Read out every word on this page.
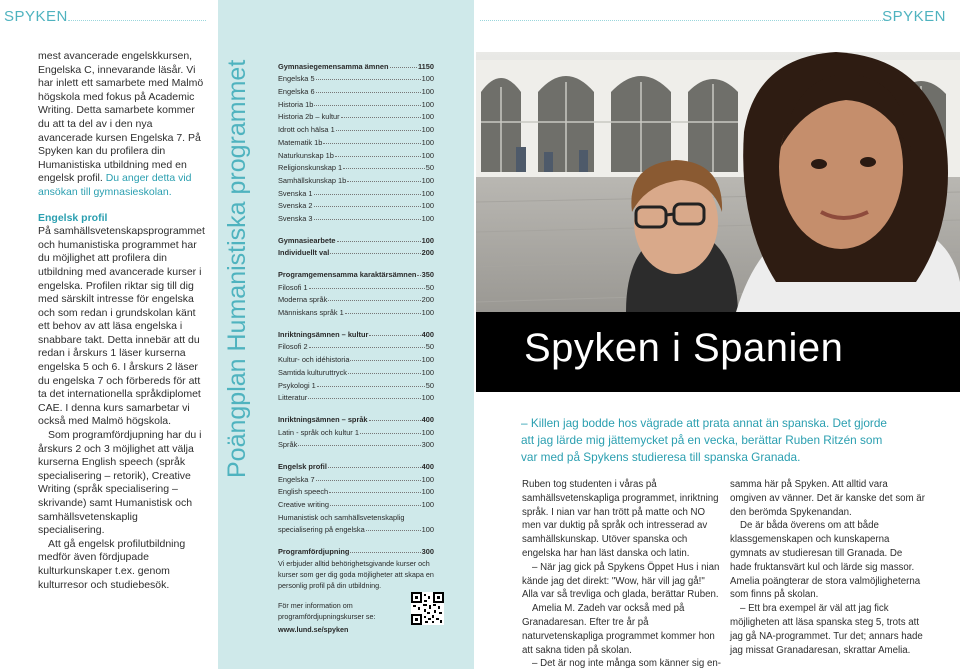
SPYKEN	SPYKEN

mest avancerade engelskkursen, Engelska C, innevarande läsår. Vi har inlett ett samarbete med Malmö högskola med fokus på Academic Writing. Detta samarbete kommer du att ta del av i den nya avancerade kursen Engelska 7. På Spyken kan du profilera din Humanistiska utbildning med en engelsk profil. Du anger detta vid ansökan till gymnasieskolan.

Engelsk profil

På samhällsvetenskapsprogrammet och humanistiska programmet har du möjlighet att profilera din utbildning med avancerade kurser i engelska. Profilen riktar sig till dig med särskilt intresse för engelska och som redan i grundskolan känt ett behov av att läsa engelska i snabbare takt. Detta innebär att du redan i årskurs 1 läser kurserna engelska 5 och 6. I årskurs 2 läser du engelska 7 och förbereds för att ta det internationella språkdiplomet CAE. I denna kurs samarbetar vi också med Malmö högskola.

Som programfördjupning har du i årskurs 2 och 3 möjlighet att välja kurserna English speech (språk specialisering – retorik), Creative Writing (språk specialisering – skrivande) samt Humanistisk och samhällsvetenskaplig specialisering.

Att gå engelsk profilutbildning medför även fördjupade kulturkunskaper t.ex. genom kulturresor och studiebesök.

Poängplan Humanistiska programmet	Gymnasiegemensamma ämnen	1150
Engelska 5	100
Engelska 6	100
Historia 1b	100
Historia 2b – kultur	100
Idrott och hälsa 1	100
Matematik 1b	100
Naturkunskap 1b	100
Religionskunskap 1	50
Samhällskunskap 1b	100
Svenska 1	100
Svenska 2	100
Svenska 3	100
Gymnasiearbete	100
Individuellt val	200
Programgemensamma karaktärsämnen 350
Filosofi 1	50
Moderna språk	200
Människans språk 1	100
Inriktningsämnen – kultur	400
Filosofi 2	50
Kultur- och idéhistoria	100
Samtida kulturuttryck	100
Psykologi 1	50
Litteratur	100
Inriktningsämnen – språk	400
Latin - språk och kultur 1	100
Språk	300
Engelsk profil	400
Engelska 7	100
English speech	100
Creative writing	100
Humanistisk och samhällsvetenskaplig
specialisering på engelska	100
Programfördjupning	300
Vi erbjuder alltid behörighetsgivande kurser och kurser som ger dig goda möjligheter att skapa en personlig profil på din utbildning.
För mer information om programfördjupningskurser se:
www.lund.se/spyken
Spyken i Spanien
– Killen jag bodde hos vägrade att prata annat än spanska. Det gjorde att jag lärde mig jättemycket på en vecka, berättar Ruben Ritzén som var med på Spykens studieresa till spanska Granada.

Ruben tog studenten i våras på samhällsvetenskapliga programmet, inriktning språk. I nian var han trött på matte och NO men var duktig på språk och intresserad av samhällskunskap. Utöver spanska och engelska har han läst danska och latin.

– När jag gick på Spykens Öppet Hus i nian kände jag det direkt: "Wow, här vill jag gå!" Alla var så trevliga och glada, berättar Ruben.

Amelia M. Zadeh var också med på Granadaresan. Efter tre år på naturvetenskapliga programmet kommer hon att sakna tiden på skolan.

– Det är nog inte många som känner sig en-

samma här på Spyken. Att alltid vara omgiven av vänner. Det är kanske det som är den berömda Spykenandan.

De är båda överens om att både klassgemenskapen och kunskaperna gymnats av studieresan till Granada. De hade fruktansvärt kul och lärde sig massor. Amelia poängterar de stora valmöjligheterna som finns på skolan.

– Ett bra exempel är väl att jag fick möjligheten att läsa spanska steg 5, trots att jag gå NA-programmet. Tur det; annars hade jag missat Granadaresan, skrattar Amelia.
